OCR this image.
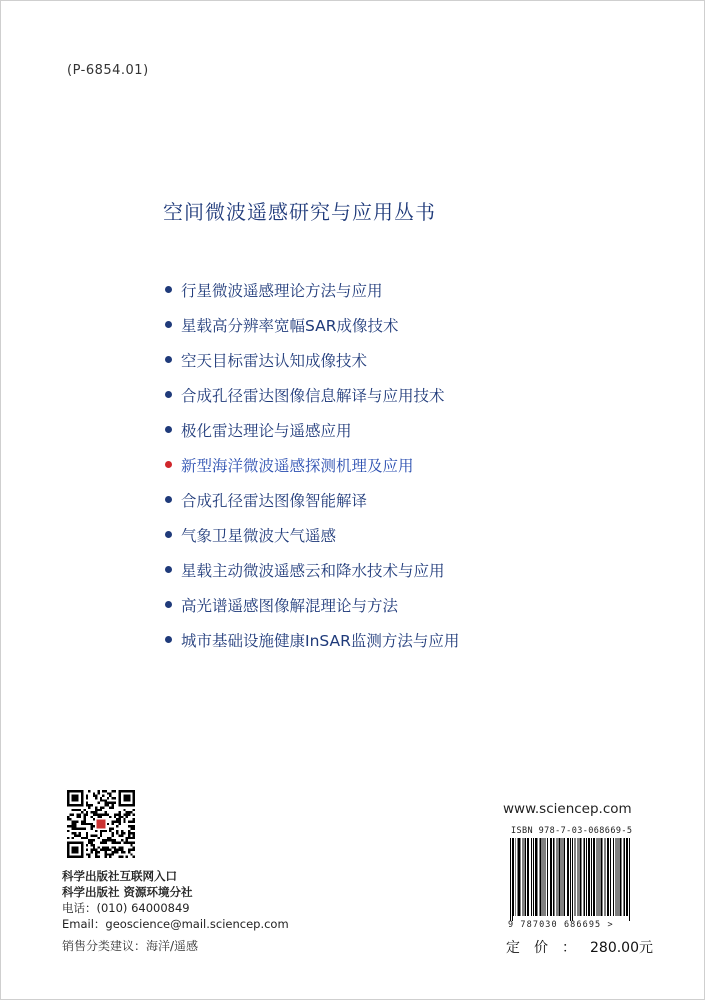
(P-6854.01)
空间微波遥感研究与应用丛书
行星微波遥感理论方法与应用
星载高分辨率宽幅SAR成像技术
空天目标雷达认知成像技术
合成孔径雷达图像信息解译与应用技术
极化雷达理论与遥感应用
新型海洋微波遥感探测机理及应用
合成孔径雷达图像智能解译
气象卫星微波大气遥感
星载主动微波遥感云和降水技术与应用
高光谱遥感图像解混理论与方法
城市基础设施健康InSAR监测方法与应用
科学出版社互联网入口
科学出版社 资源环境分社
电话：(010) 64000849
Email：geoscience@mail.sciencep.com
销售分类建议：海洋/遥感
www.sciencep.com
ISBN 978-7-03-068669-5
9 787030 686695 >
定价：280.00元
